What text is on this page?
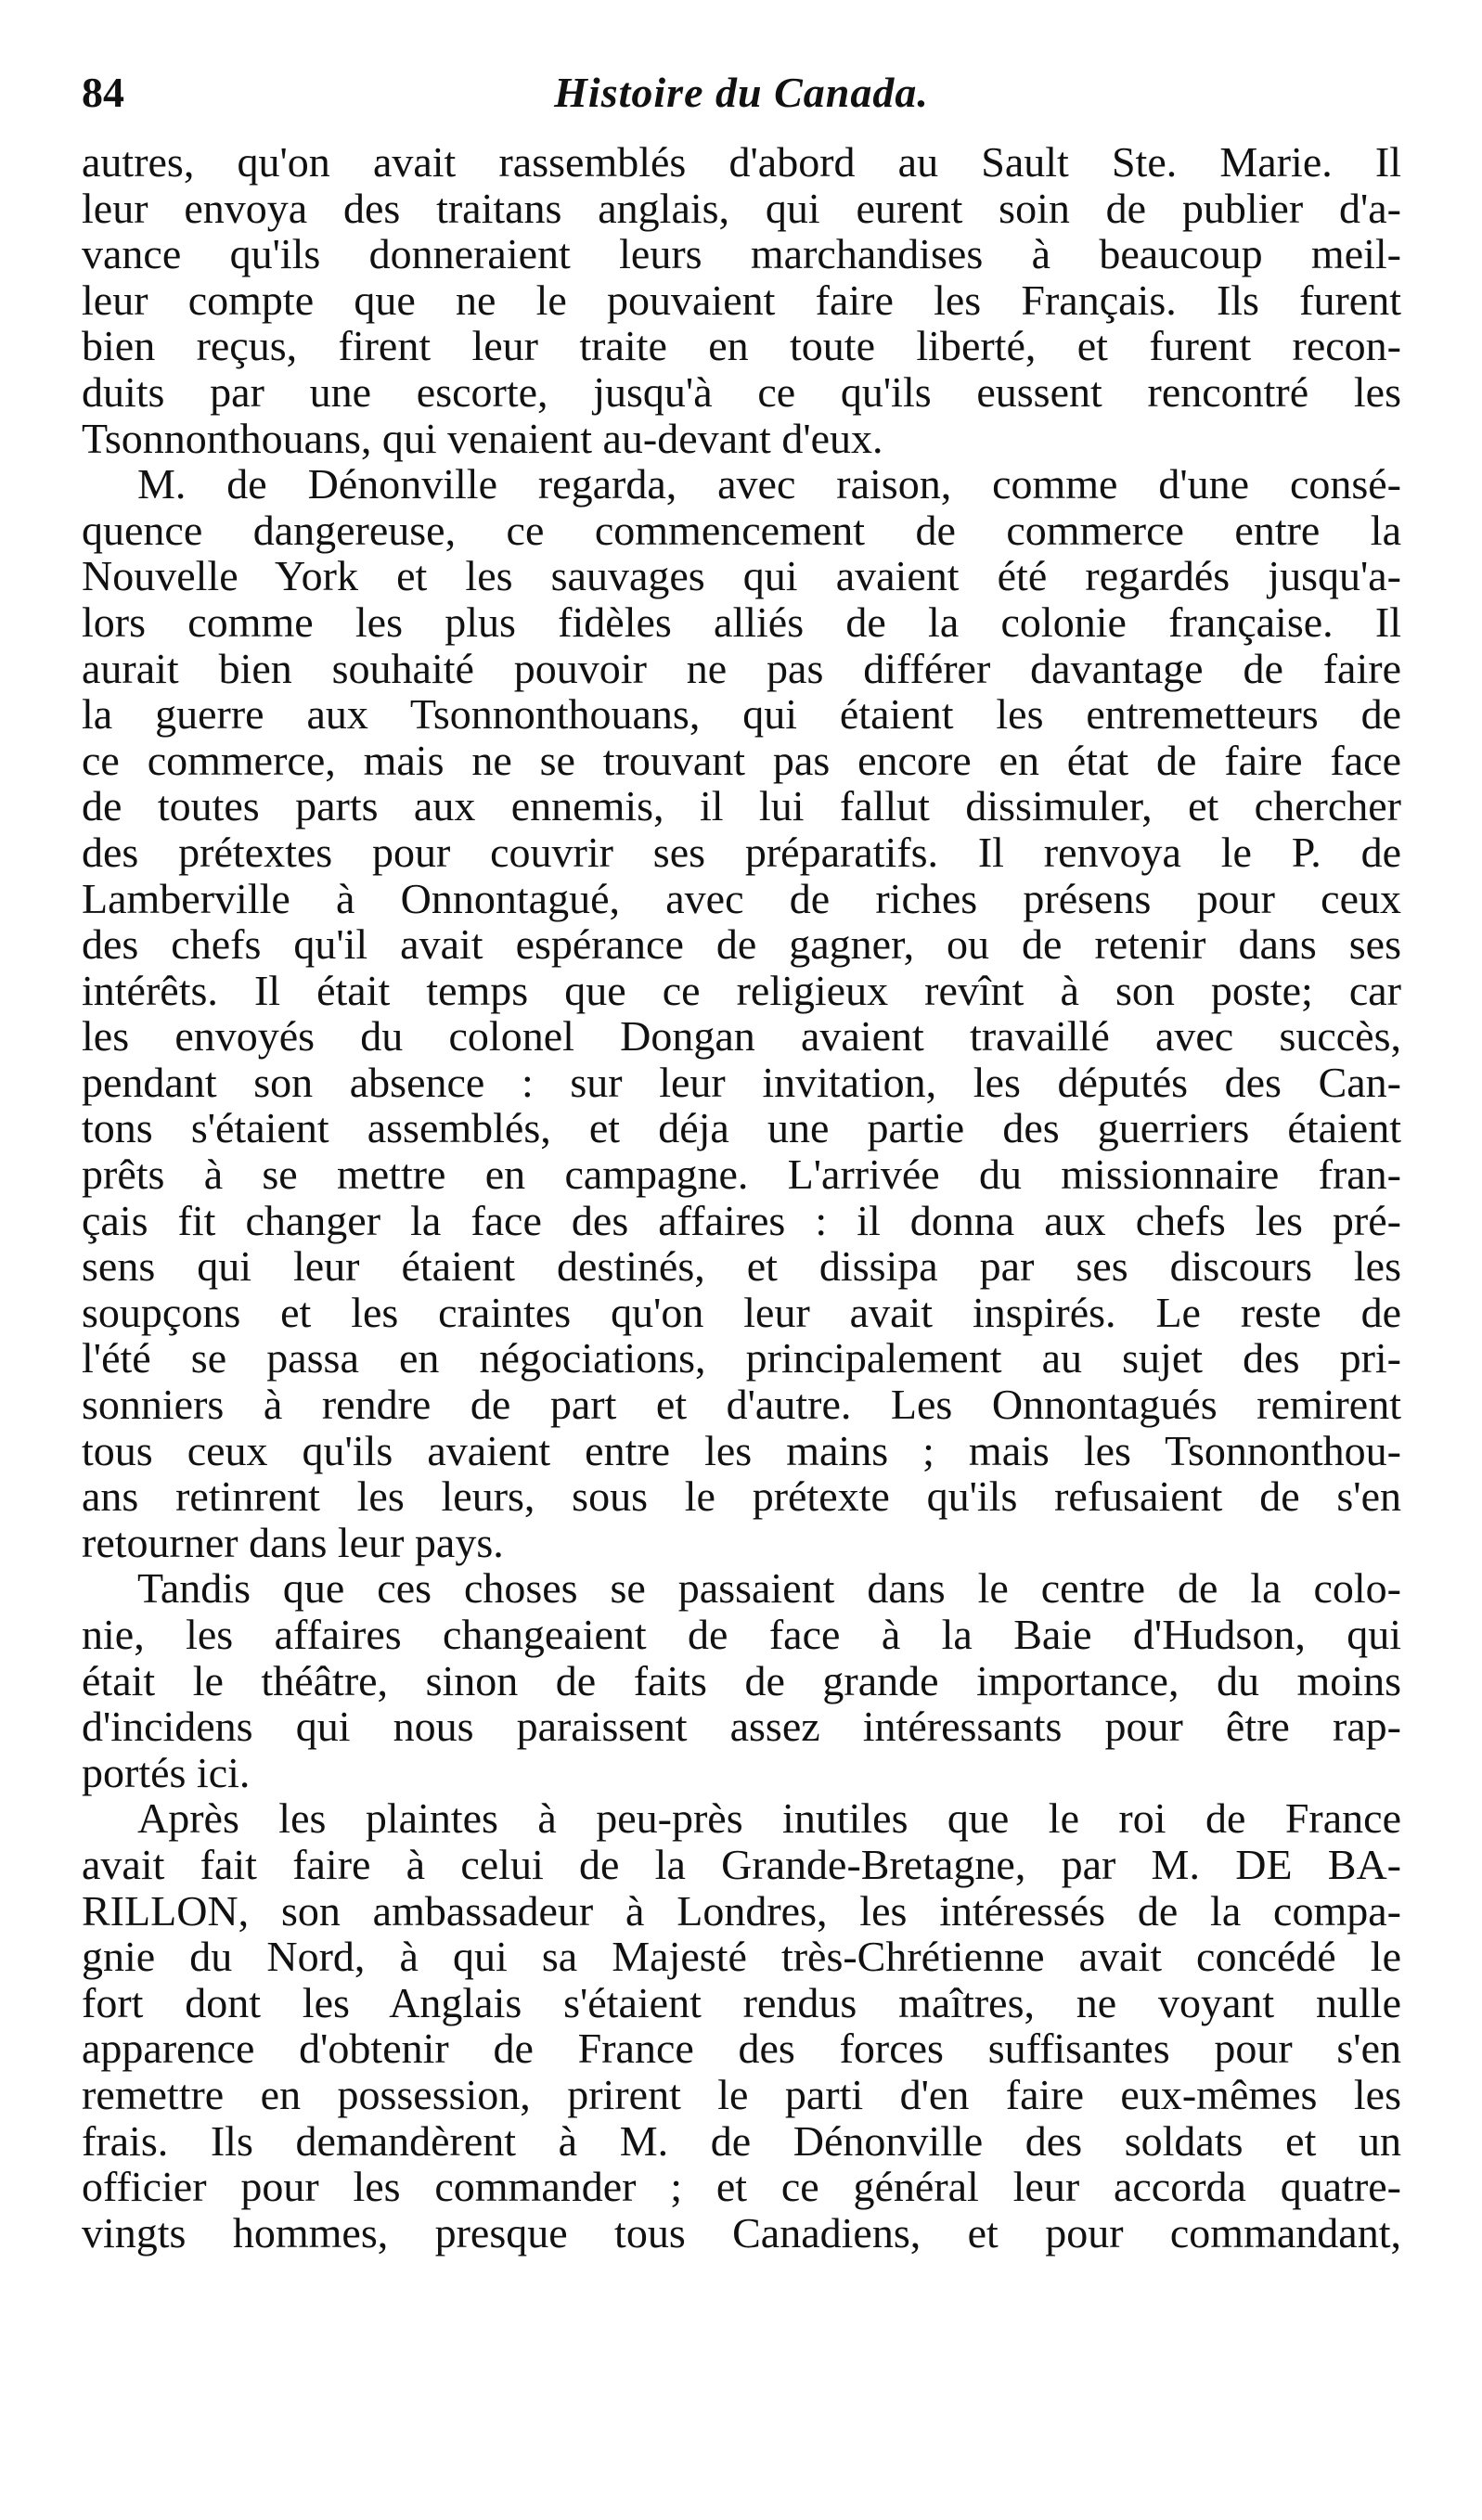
84	Histoire du Canada.
autres, qu'on avait rassemblés d'abord au Sault Ste. Marie. Il
leur envoya des traitans anglais, qui eurent soin de publier d'a-
vance qu'ils donneraient leurs marchandises à beaucoup meil-
leur compte que ne le pouvaient faire les Français. Ils furent
bien reçus, firent leur traite en toute liberté, et furent recon-
duits par une escorte, jusqu'à ce qu'ils eussent rencontré les
Tsonnonthouans, qui venaient au-devant d'eux.
M. de Dénonville regarda, avec raison, comme d'une consé-
quence dangereuse, ce commencement de commerce entre la
Nouvelle York et les sauvages qui avaient été regardés jusqu'a-
lors comme les plus fidèles alliés de la colonie française. Il
aurait bien souhaité pouvoir ne pas différer davantage de faire
la guerre aux Tsonnonthouans, qui étaient les entremetteurs de
ce commerce, mais ne se trouvant pas encore en état de faire face
de toutes parts aux ennemis, il lui fallut dissimuler, et chercher
des prétextes pour couvrir ses préparatifs. Il renvoya le P. de
Lamberville à Onnontagué, avec de riches présens pour ceux
des chefs qu'il avait espérance de gagner, ou de retenir dans ses
intérêts. Il était temps que ce religieux revînt à son poste; car
les envoyés du colonel Dongan avaient travaillé avec succès,
pendant son absence : sur leur invitation, les députés des Can-
tons s'étaient assemblés, et déja une partie des guerriers étaient
prêts à se mettre en campagne. L'arrivée du missionnaire fran-
çais fit changer la face des affaires : il donna aux chefs les pré-
sens qui leur étaient destinés, et dissipa par ses discours les
soupçons et les craintes qu'on leur avait inspirés. Le reste de
l'été se passa en négociations, principalement au sujet des pri-
sonniers à rendre de part et d'autre. Les Onnontagués remirent
tous ceux qu'ils avaient entre les mains ; mais les Tsonnonthou-
ans retinrent les leurs, sous le prétexte qu'ils refusaient de s'en
retourner dans leur pays.
Tandis que ces choses se passaient dans le centre de la colo-
nie, les affaires changeaient de face à la Baie d'Hudson, qui
était le théâtre, sinon de faits de grande importance, du moins
d'incidens qui nous paraissent assez intéressants pour être rap-
portés ici.
Après les plaintes à peu-près inutiles que le roi de France
avait fait faire à celui de la Grande-Bretagne, par M. DE BA-
RILLON, son ambassadeur à Londres, les intéressés de la compa-
gnie du Nord, à qui sa Majesté très-Chrétienne avait concédé le
fort dont les Anglais s'étaient rendus maîtres, ne voyant nulle
apparence d'obtenir de France des forces suffisantes pour s'en
remettre en possession, prirent le parti d'en faire eux-mêmes les
frais. Ils demandèrent à M. de Dénonville des soldats et un
officier pour les commander ; et ce général leur accorda quatre-
vingts hommes, presque tous Canadiens, et pour commandant,
